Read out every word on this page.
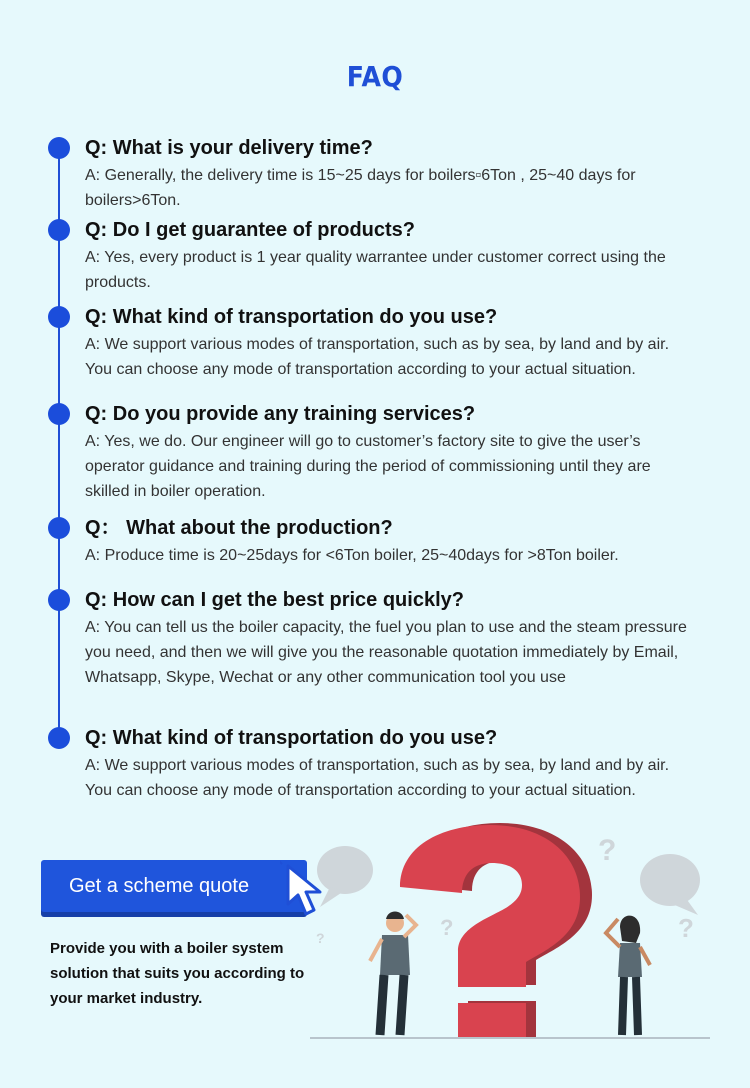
FAQ
Q: What is your delivery time?
A: Generally, the delivery time is 15~25 days for boilers▫6Ton , 25~40 days for boilers>6Ton.
Q: Do I get guarantee of products?
A: Yes, every product is 1 year quality warrantee under customer correct using the products.
Q: What kind of transportation do you use?
A: We support various modes of transportation, such as by sea, by land and by air. You can choose any mode of transportation according to your actual situation.
Q: Do you provide any training services?
A: Yes, we do. Our engineer will go to customer’s factory site to give the user’s operator guidance and training during the period of commissioning until they are skilled in boiler operation.
Q： What about the production?
A: Produce time is 20~25days for <6Ton boiler, 25~40days for >8Ton boiler.
Q: How can I get the best price quickly?
A: You can tell us the boiler capacity, the fuel you plan to use and the steam pressure you need, and then we will give you the reasonable quotation immediately by Email, Whatsapp, Skype, Wechat or any other communication tool you use
Q: What kind of transportation do you use?
A: We support various modes of transportation, such as by sea, by land and by air. You can choose any mode of transportation according to your actual situation.
Get a scheme quote
Provide you with a boiler system solution that suits you according to your market industry.
?
?
?
?
